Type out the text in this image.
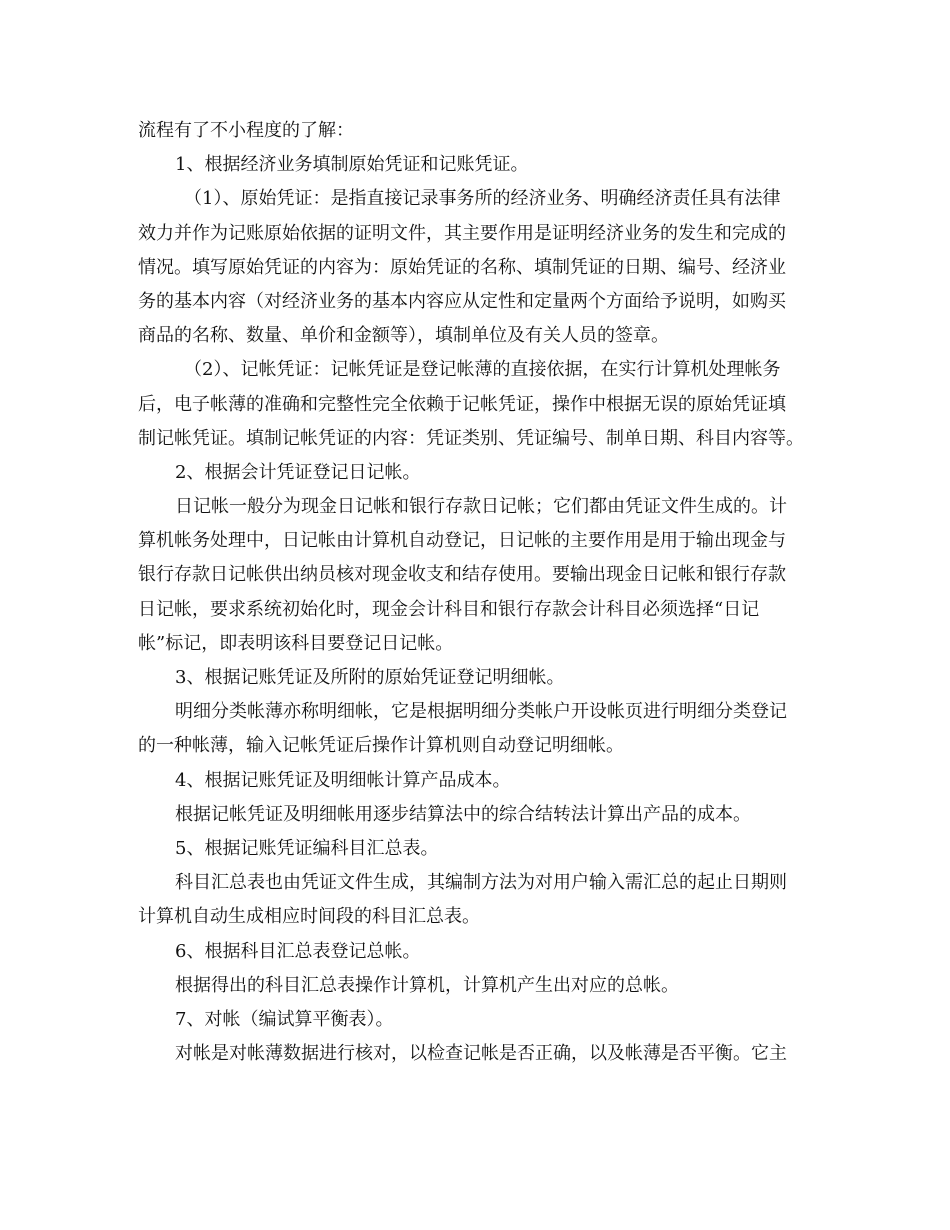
流程有了不小程度的了解：
1、根据经济业务填制原始凭证和记账凭证。
（1）、原始凭证：是指直接记录事务所的经济业务、明确经济责任具有法律
效力并作为记账原始依据的证明文件，其主要作用是证明经济业务的发生和完成的
情况。填写原始凭证的内容为：原始凭证的名称、填制凭证的日期、编号、经济业
务的基本内容（对经济业务的基本内容应从定性和定量两个方面给予说明，如购买
商品的名称、数量、单价和金额等），填制单位及有关人员的签章。
（2）、记帐凭证：记帐凭证是登记帐薄的直接依据，在实行计算机处理帐务
后，电子帐薄的准确和完整性完全依赖于记帐凭证，操作中根据无误的原始凭证填
制记帐凭证。填制记帐凭证的内容：凭证类别、凭证编号、制单日期、科目内容等。
2、根据会计凭证登记日记帐。
日记帐一般分为现金日记帐和银行存款日记帐；它们都由凭证文件生成的。计
算机帐务处理中，日记帐由计算机自动登记，日记帐的主要作用是用于输出现金与
银行存款日记帐供出纳员核对现金收支和结存使用。要输出现金日记帐和银行存款
日记帐，要求系统初始化时，现金会计科目和银行存款会计科目必须选择“日记
帐”标记，即表明该科目要登记日记帐。
3、根据记账凭证及所附的原始凭证登记明细帐。
明细分类帐薄亦称明细帐，它是根据明细分类帐户开设帐页进行明细分类登记
的一种帐薄，输入记帐凭证后操作计算机则自动登记明细帐。
4、根据记账凭证及明细帐计算产品成本。
根据记帐凭证及明细帐用逐步结算法中的综合结转法计算出产品的成本。
5、根据记账凭证编科目汇总表。
科目汇总表也由凭证文件生成，其编制方法为对用户输入需汇总的起止日期则
计算机自动生成相应时间段的科目汇总表。
6、根据科目汇总表登记总帐。
根据得出的科目汇总表操作计算机，计算机产生出对应的总帐。
7、对帐（编试算平衡表）。
对帐是对帐薄数据进行核对，以检查记帐是否正确，以及帐薄是否平衡。它主
